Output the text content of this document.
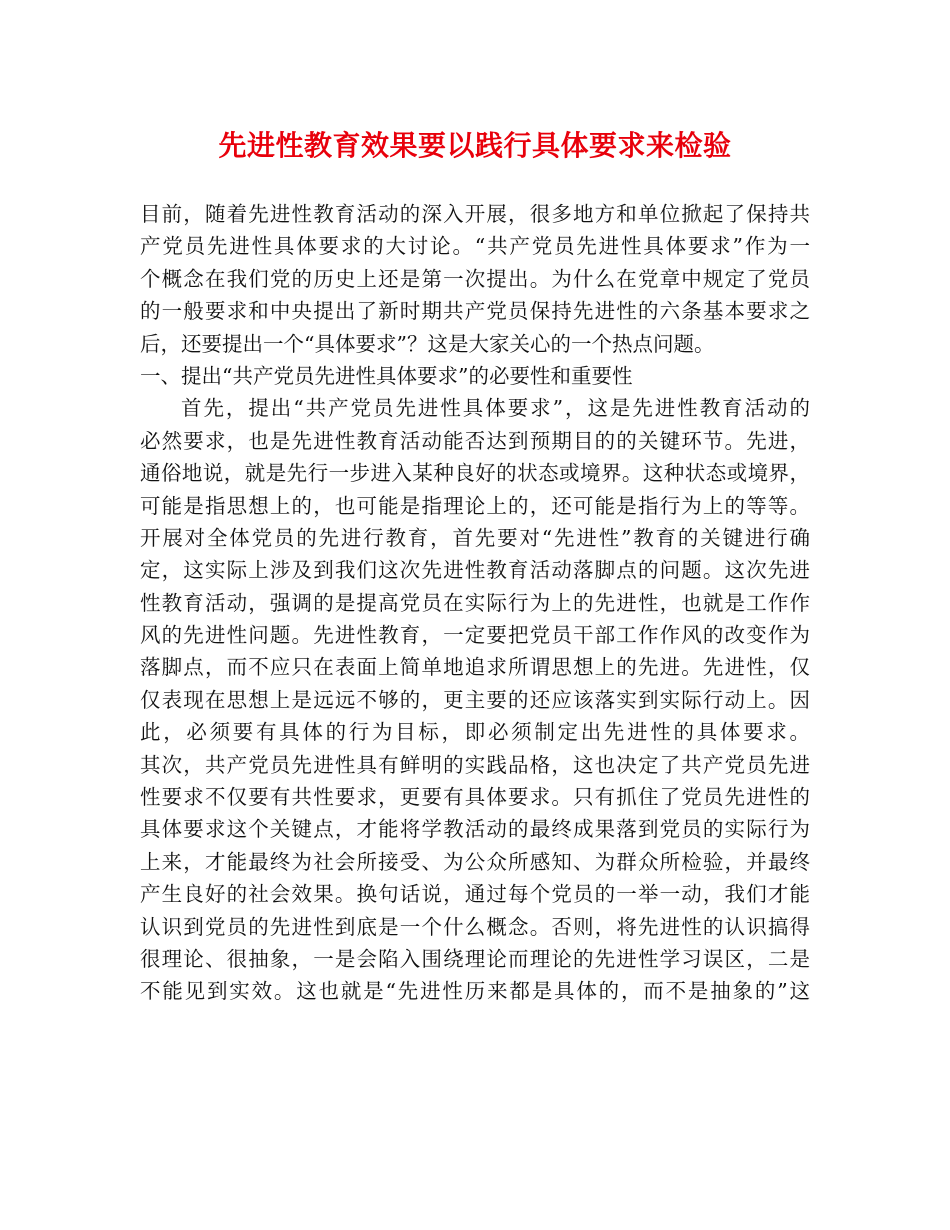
先进性教育效果要以践行具体要求来检验
目前，随着先进性教育活动的深入开展，很多地方和单位掀起了保持共
产党员先进性具体要求的大讨论。“共产党员先进性具体要求”作为一
个概念在我们党的历史上还是第一次提出。为什么在党章中规定了党员
的一般要求和中央提出了新时期共产党员保持先进性的六条基本要求之
后，还要提出一个“具体要求”？这是大家关心的一个热点问题。
一、提出“共产党员先进性具体要求”的必要性和重要性
首先，提出“共产党员先进性具体要求”，这是先进性教育活动的
必然要求，也是先进性教育活动能否达到预期目的的关键环节。先进，
通俗地说，就是先行一步进入某种良好的状态或境界。这种状态或境界，
可能是指思想上的，也可能是指理论上的，还可能是指行为上的等等。
开展对全体党员的先进行教育，首先要对“先进性”教育的关键进行确
定，这实际上涉及到我们这次先进性教育活动落脚点的问题。这次先进
性教育活动，强调的是提高党员在实际行为上的先进性，也就是工作作
风的先进性问题。先进性教育，一定要把党员干部工作作风的改变作为
落脚点，而不应只在表面上简单地追求所谓思想上的先进。先进性，仅
仅表现在思想上是远远不够的，更主要的还应该落实到实际行动上。因
此，必须要有具体的行为目标，即必须制定出先进性的具体要求。
其次，共产党员先进性具有鲜明的实践品格，这也决定了共产党员先进
性要求不仅要有共性要求，更要有具体要求。只有抓住了党员先进性的
具体要求这个关键点，才能将学教活动的最终成果落到党员的实际行为
上来，才能最终为社会所接受、为公众所感知、为群众所检验，并最终
产生良好的社会效果。换句话说，通过每个党员的一举一动，我们才能
认识到党员的先进性到底是一个什么概念。否则，将先进性的认识搞得
很理论、很抽象，一是会陷入围绕理论而理论的先进性学习误区，二是
不能见到实效。这也就是“先进性历来都是具体的，而不是抽象的”这
